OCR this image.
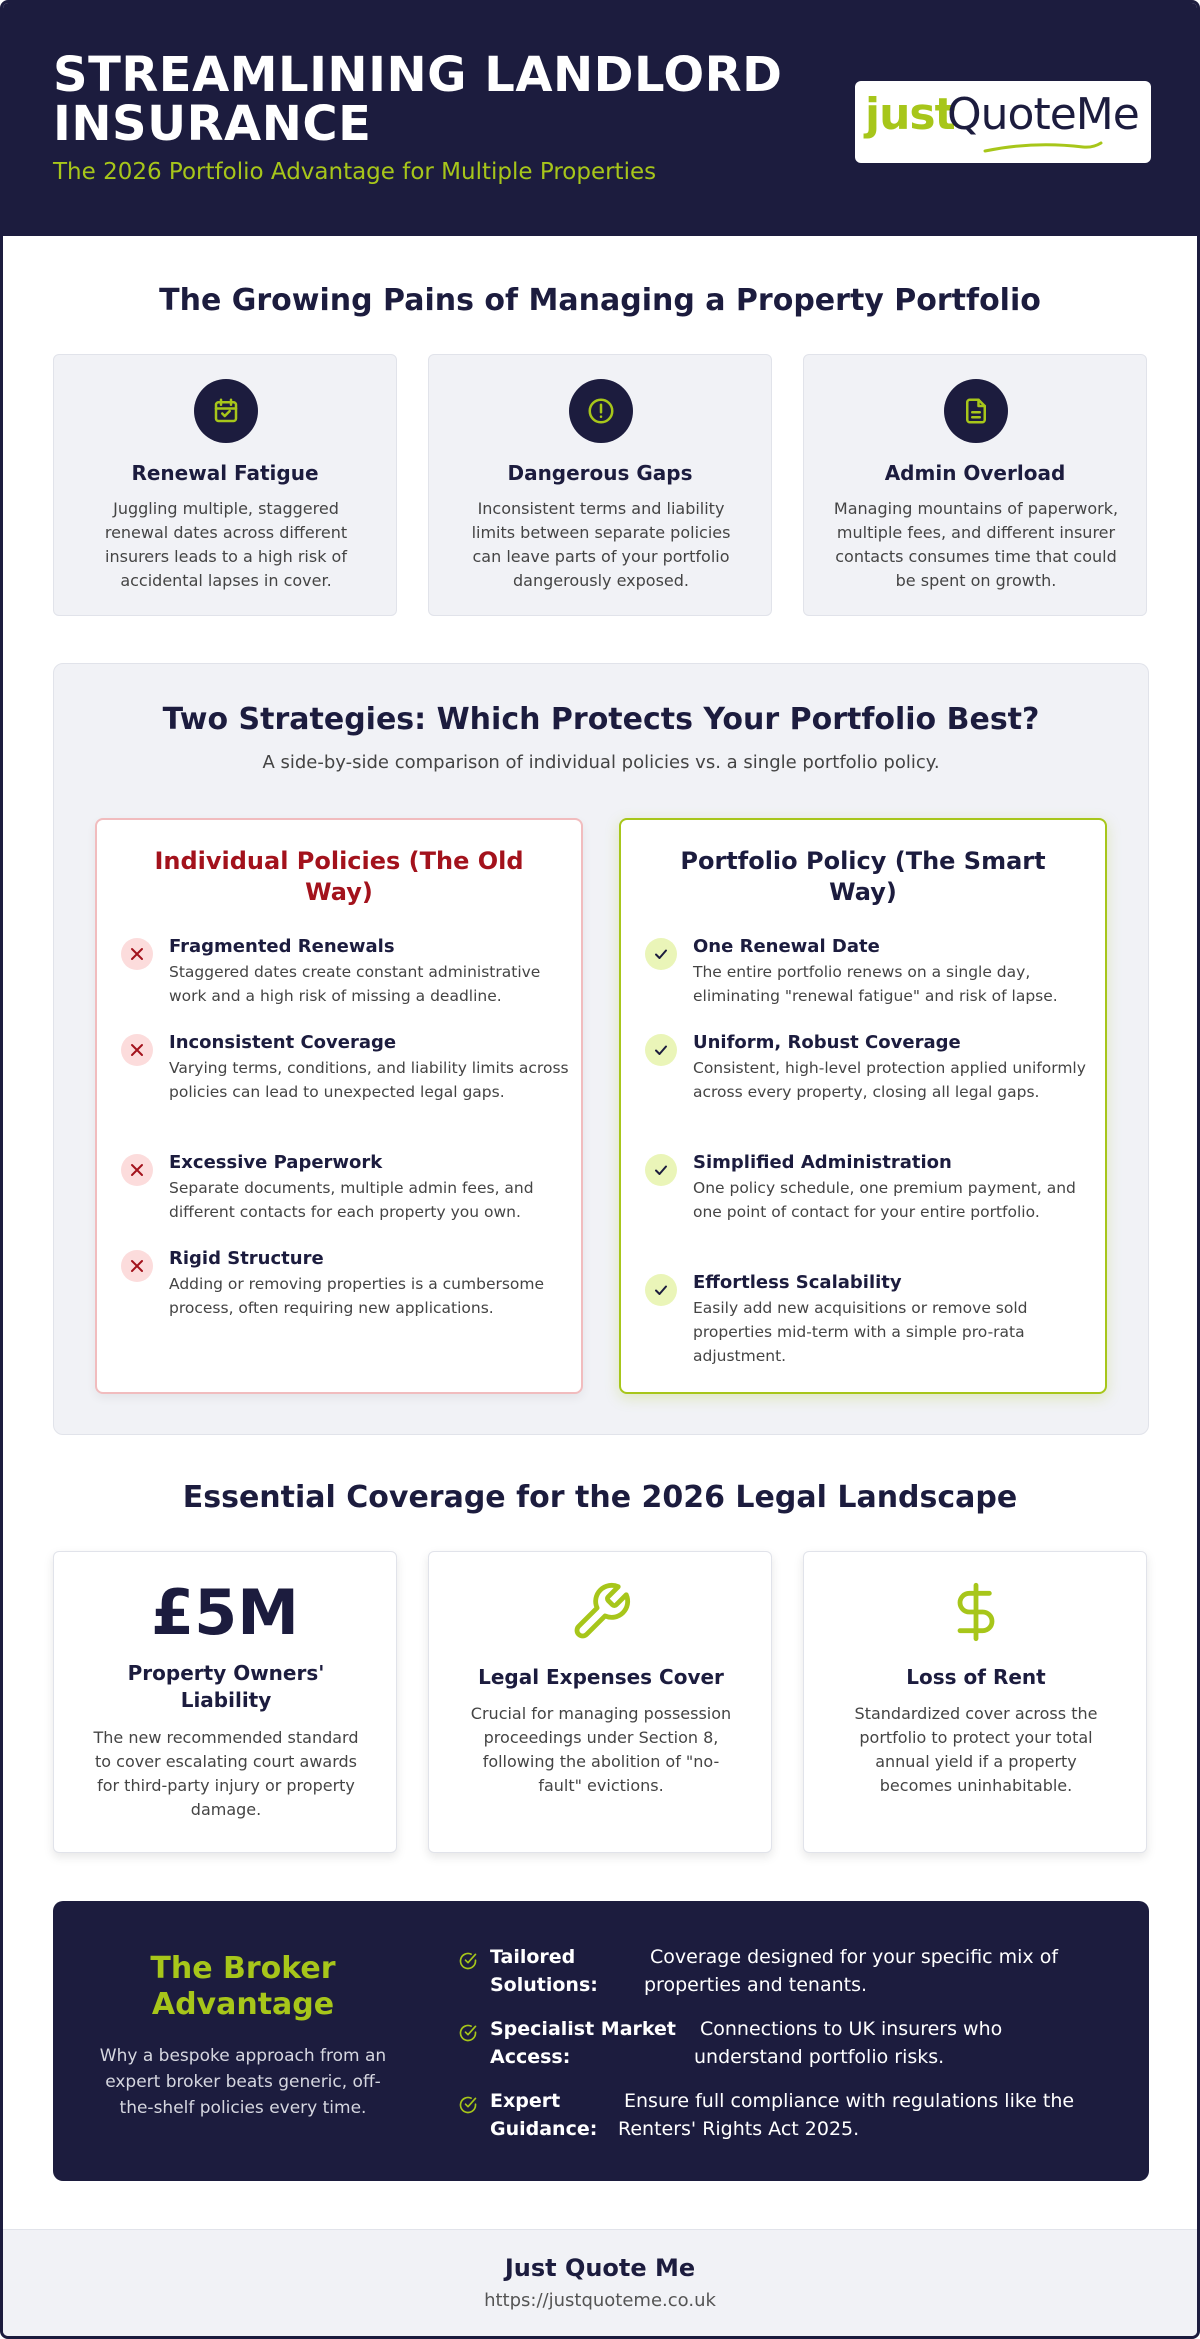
STREAMLINING LANDLORD INSURANCE
The 2026 Portfolio Advantage for Multiple Properties
just
QuoteMe
The Growing Pains of Managing a Property Portfolio
Renewal Fatigue

Juggling multiple, staggered renewal dates across different insurers leads to a high risk of accidental lapses in cover.

Dangerous Gaps

Inconsistent terms and liability limits between separate policies can leave parts of your portfolio dangerously exposed.

Admin Overload

Managing mountains of paperwork, multiple fees, and different insurer contacts consumes time that could be spent on growth.

Two Strategies: Which Protects Your Portfolio Best?
A side-by-side comparison of individual policies vs. a single portfolio policy.
Individual Policies (The Old Way)
Fragmented Renewals

Staggered dates create constant administrative work and a high risk of missing a deadline.

Inconsistent Coverage

Varying terms, conditions, and liability limits across policies can lead to unexpected legal gaps.

Excessive Paperwork

Separate documents, multiple admin fees, and different contacts for each property you own.

Rigid Structure

Adding or removing properties is a cumbersome process, often requiring new applications.

Portfolio Policy (The Smart Way)
One Renewal Date

The entire portfolio renews on a single day, eliminating "renewal fatigue" and risk of lapse.

Uniform, Robust Coverage

Consistent, high-level protection applied uniformly across every property, closing all legal gaps.

Simplified Administration

One policy schedule, one premium payment, and one point of contact for your entire portfolio.

Effortless Scalability

Easily add new acquisitions or remove sold properties mid-term with a simple pro-rata adjustment.

Essential Coverage for the 2026 Legal Landscape
£5M
Property Owners' Liability

The new recommended standard to cover escalating court awards for third-party injury or property damage.

Legal Expenses Cover

Crucial for managing possession proceedings under Section 8, following the abolition of "no-fault" evictions.

Loss of Rent

Standardized cover across the portfolio to protect your total annual yield if a property becomes uninhabitable.

The Broker Advantage
Why a bespoke approach from an expert broker beats generic, off-the-shelf policies every time.
Tailored
Solutions:
Coverage designed for your specific mix of
properties and tenants.
Specialist Market
Access:
Connections to UK insurers who
understand portfolio risks.
Expert
Guidance:
Ensure full compliance with regulations like the
Renters' Rights Act 2025.
Just Quote Me
https://justquoteme.co.uk
